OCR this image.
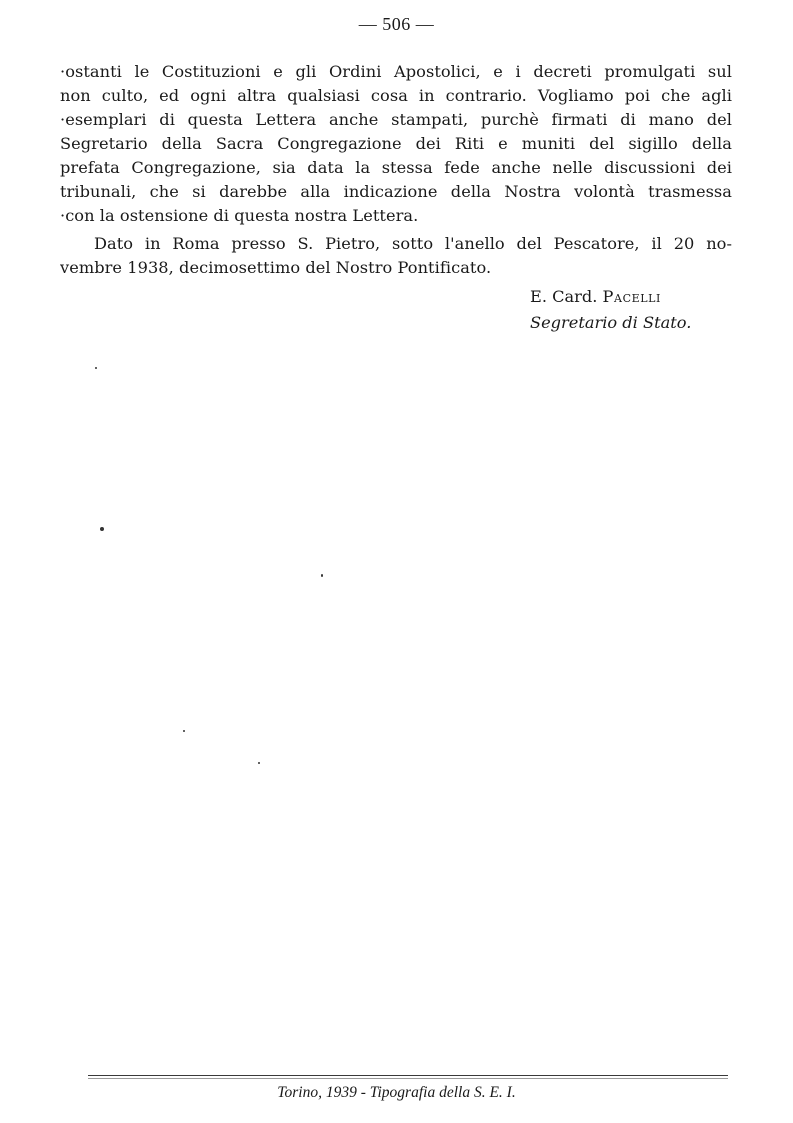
— 506 —
·ostanti le Costituzioni e gli Ordini Apostolici, e i decreti promulgati sul
non culto, ed ogni altra qualsiasi cosa in contrario. Vogliamo poi che agli
·esemplari di questa Lettera anche stampati, purchè firmati di mano del
Segretario della Sacra Congregazione dei Riti e muniti del sigillo della
prefata Congregazione, sia data la stessa fede anche nelle discussioni dei
tribunali, che si darebbe alla indicazione della Nostra volontà trasmessa
·con la ostensione di questa nostra Lettera.
Dato in Roma presso S. Pietro, sotto l'anello del Pescatore, il 20 no-
vembre 1938, decimosettimo del Nostro Pontificato.
E. Card. Pacelli
Segretario di Stato.
Torino, 1939 - Tipografia della S. E. I.
